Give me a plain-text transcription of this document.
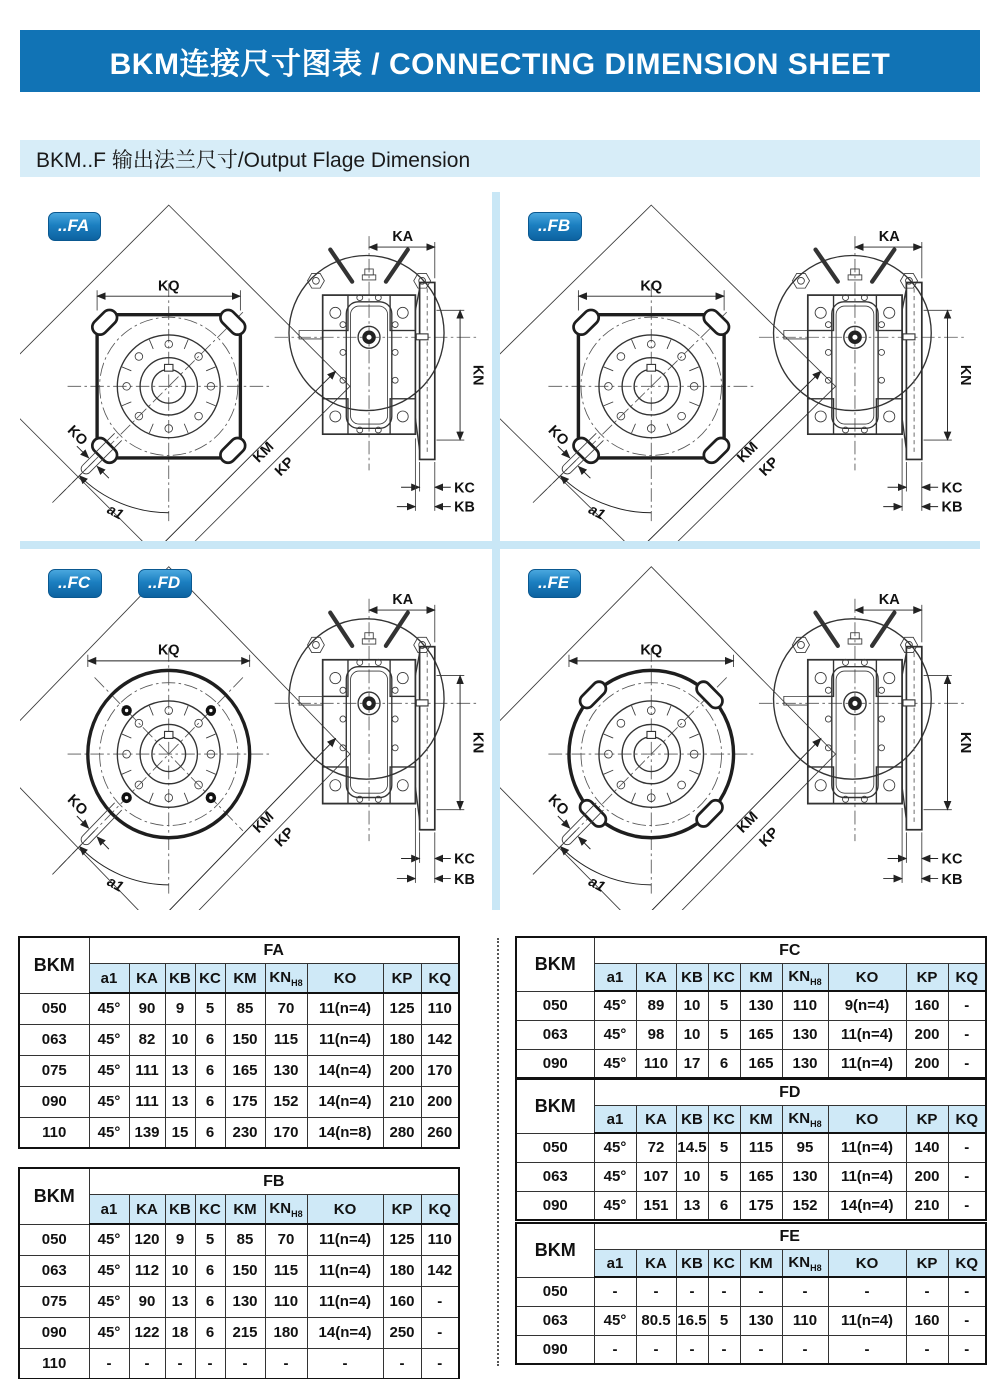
BKM连接尺寸图表 / CONNECTING DIMENSION SHEET
BKM..F 输出法兰尺寸/Output Flage Dimension
..FA	..FB
..FC	..FD	..FE
BKM	FA								
	a1	KA	KB	KC	KM	$KN_{H8}$	KO	KP	KQ
050	45°	90	9	5	85	70	11(n=4)	125	110
063	45°	82	10	6	150	115	11(n=4)	180	142
075	45°	111	13	6	165	130	14(n=4)	200	170
090	45°	111	13	6	175	152	14(n=4)	210	200
110	45°	139	15	6	230	170	14(n=8)	280	260
BKM	FB								
	a1	KA	KB	KC	KM	$KN_{H8}$	KO	KP	KQ
050	45°	120	9	5	85	70	11(n=4)	125	110
063	45°	112	10	6	150	115	11(n=4)	180	142
075	45°	90	13	6	130	110	11(n=4)	160	-
090	45°	122	18	6	215	180	14(n=4)	250	-
110	-	-	-	-	-	-	-	-	-
BKM	FC								
	a1	KA	KB	KC	KM	$KN_{H8}$	KO	KP	KQ
050	45°	89	10	5	130	110	9(n=4)	160	-
063	45°	98	10	5	165	130	11(n=4)	200	-
090	45°	110	17	6	165	130	11(n=4)	200	-
BKM	FD								
	a1	KA	KB	KC	KM	$KN_{H8}$	KO	KP	KQ
050	45°	72	14.5	5	115	95	11(n=4)	140	-
063	45°	107	10	5	165	130	11(n=4)	200	-
090	45°	151	13	6	175	152	14(n=4)	210	-
BKM	FE								
	a1	KA	KB	KC	KM	$KN_{H8}$	KO	KP	KQ
050	-	-	-	-	-	-	-	-	-
063	45°	80.5	16.5	5	130	110	11(n=4)	160	-
090	-	-	-	-	-	-	-	-	-
